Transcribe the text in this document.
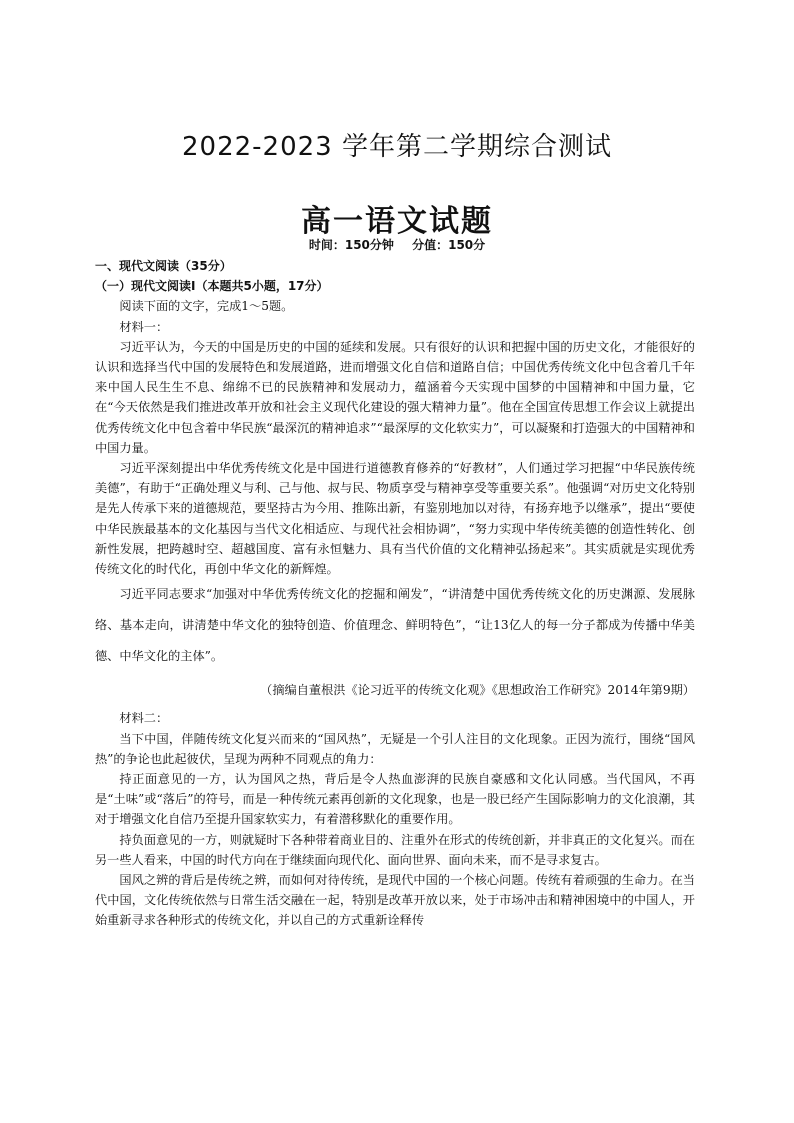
2022-2023 学年第二学期综合测试
高一语文试题
时间：150分钟 分值：150分

一、现代文阅读（35分）

（一）现代文阅读Ⅰ（本题共5小题，17分）

阅读下面的文字，完成1～5题。

材料一：

习近平认为，今天的中国是历史的中国的延续和发展。只有很好的认识和把握中国的历史文化，才能很好的认识和选择当代中国的发展特色和发展道路，进而增强文化自信和道路自信；中国优秀传统文化中包含着几千年来中国人民生生不息、绵绵不已的民族精神和发展动力，蕴涵着今天实现中国梦的中国精神和中国力量，它在“今天依然是我们推进改革开放和社会主义现代化建设的强大精神力量”。他在全国宣传思想工作会议上就提出优秀传统文化中包含着中华民族“最深沉的精神追求”“最深厚的文化软实力”，可以凝聚和打造强大的中国精神和中国力量。

习近平深刻提出中华优秀传统文化是中国进行道德教育修养的“好教材”，人们通过学习把握“中华民族传统美德”，有助于“正确处理义与利、己与他、叔与民、物质享受与精神享受等重要关系”。他强调“对历史文化特别是先人传承下来的道德规范，要坚持古为今用、推陈出新，有鉴别地加以对待，有扬弃地予以继承”，提出“要使中华民族最基本的文化基因与当代文化相适应、与现代社会相协调”，“努力实现中华传统美德的创造性转化、创新性发展，把跨越时空、超越国度、富有永恒魅力、具有当代价值的文化精神弘扬起来”。其实质就是实现优秀传统文化的时代化，再创中华文化的新辉煌。

习近平同志要求“加强对中华优秀传统文化的挖掘和阐发”，“讲清楚中国优秀传统文化的历史渊源、发展脉络、基本走向，讲清楚中华文化的独特创造、价值理念、鲜明特色”，“让13亿人的每一分子都成为传播中华美德、中华文化的主体”。

（摘编自董根洪《论习近平的传统文化观》《思想政治工作研究》2014年第9期）

材料二：

当下中国，伴随传统文化复兴而来的“国风热”，无疑是一个引人注目的文化现象。正因为流行，围绕“国风热”的争论也此起彼伏，呈现为两种不同观点的角力：

持正面意见的一方，认为国风之热，背后是令人热血澎湃的民族自豪感和文化认同感。当代国风，不再是“土味”或“落后”的符号，而是一种传统元素再创新的文化现象，也是一股已经产生国际影响力的文化浪潮，其对于增强文化自信乃至提升国家软实力，有着潜移默化的重要作用。

持负面意见的一方，则就疑时下各种带着商业目的、注重外在形式的传统创新，并非真正的文化复兴。而在另一些人看来，中国的时代方向在于继续面向现代化、面向世界、面向未来，而不是寻求复古。

国风之辨的背后是传统之辨，而如何对待传统，是现代中国的一个核心问题。传统有着顽强的生命力。在当代中国，文化传统依然与日常生活交融在一起，特别是改革开放以来，处于市场冲击和精神困境中的中国人，开始重新寻求各种形式的传统文化，并以自己的方式重新诠释传
